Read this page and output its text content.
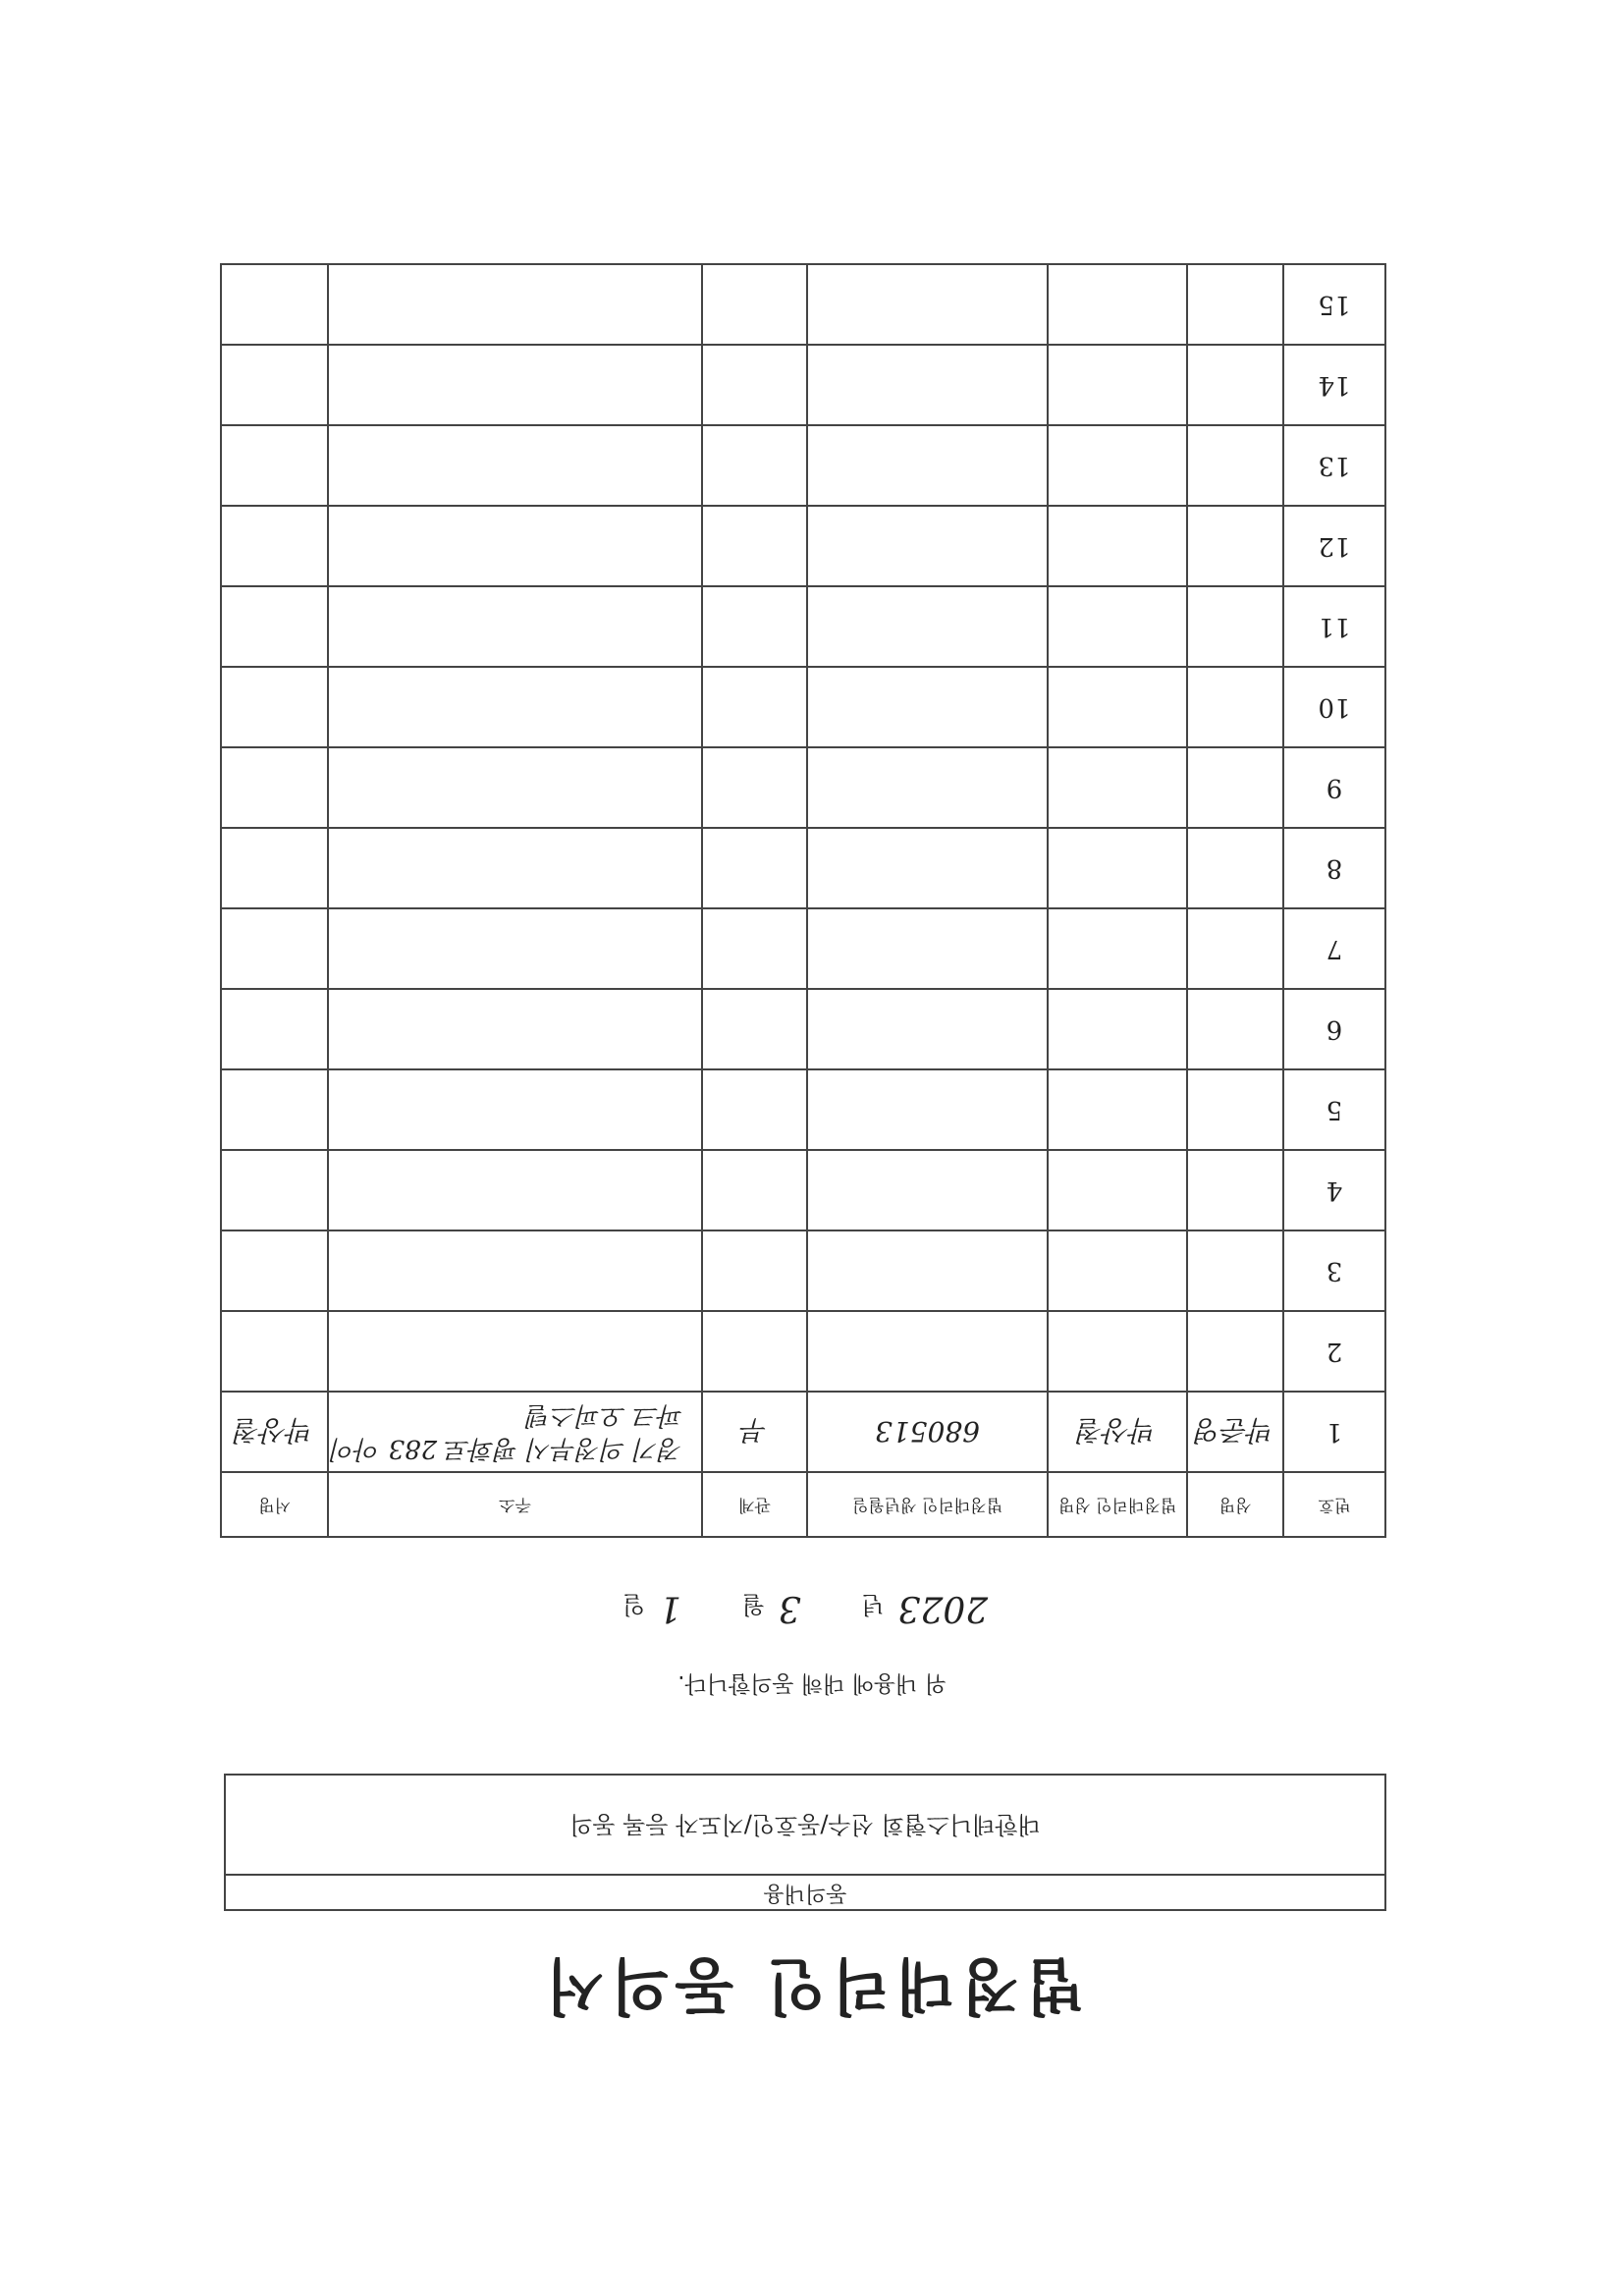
법정대리인 동의서
동의내용
대한테니스협회 선수/동호인/지도자 등록 동의
위 내용에 대해 동의합니다.
2023년 3월 1일
번호	성명	법정대리인 성명	법정대리인 생년월일	관계	주소	서명
1	박준영	박상철	680513	부	경기 의정부시 평화로 283 아이파크 오피스텔	박상철
2						
3						
4						
5						
6						
7						
8						
9						
10						
11						
12						
13						
14						
15						
